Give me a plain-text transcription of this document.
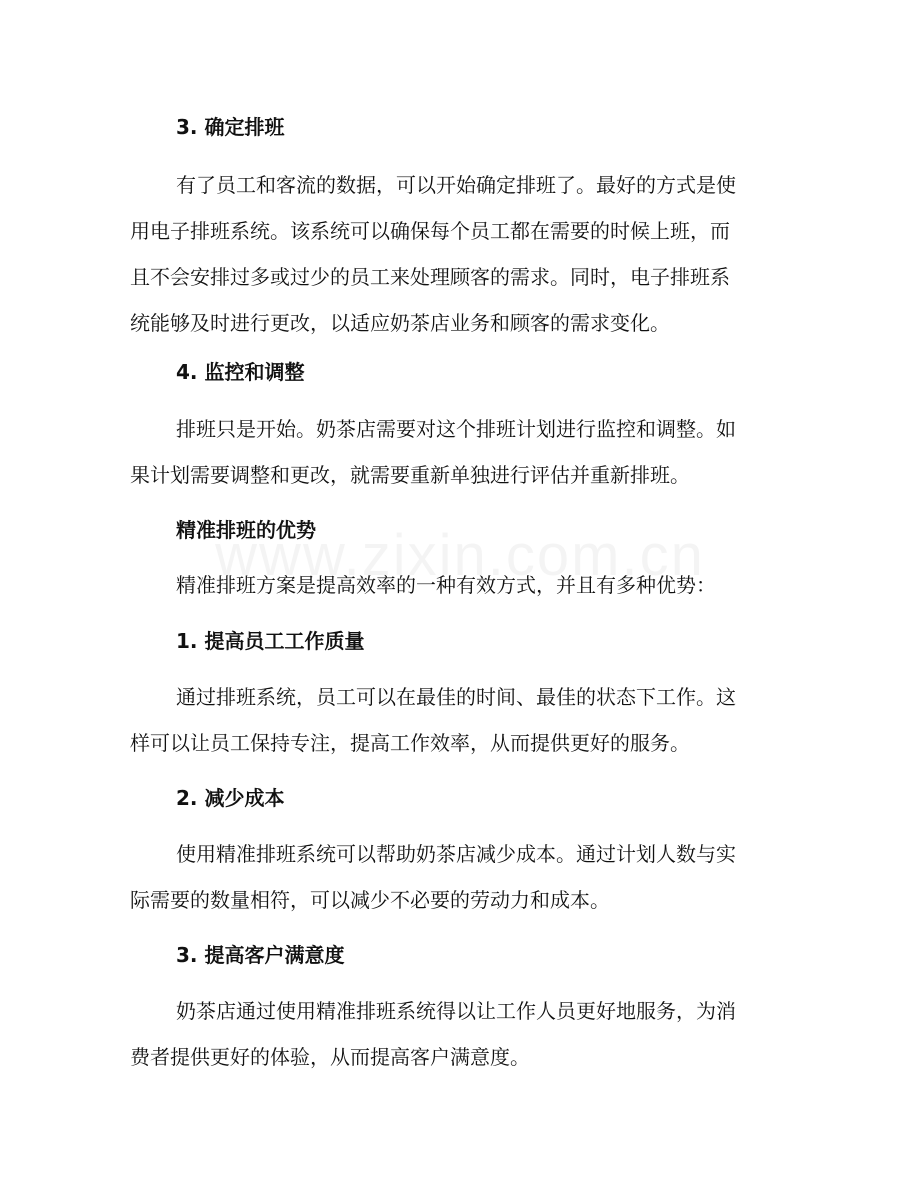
3. 确定排班
有了员工和客流的数据，可以开始确定排班了。最好的方式是使
用电子排班系统。该系统可以确保每个员工都在需要的时候上班，而
且不会安排过多或过少的员工来处理顾客的需求。同时，电子排班系
统能够及时进行更改，以适应奶茶店业务和顾客的需求变化。
4. 监控和调整
排班只是开始。奶茶店需要对这个排班计划进行监控和调整。如
果计划需要调整和更改，就需要重新单独进行评估并重新排班。
精准排班的优势
精准排班方案是提高效率的一种有效方式，并且有多种优势：
1. 提高员工工作质量
通过排班系统，员工可以在最佳的时间、最佳的状态下工作。这
样可以让员工保持专注，提高工作效率，从而提供更好的服务。
2. 减少成本
使用精准排班系统可以帮助奶茶店减少成本。通过计划人数与实
际需要的数量相符，可以减少不必要的劳动力和成本。
3. 提高客户满意度
奶茶店通过使用精准排班系统得以让工作人员更好地服务，为消
费者提供更好的体验，从而提高客户满意度。
